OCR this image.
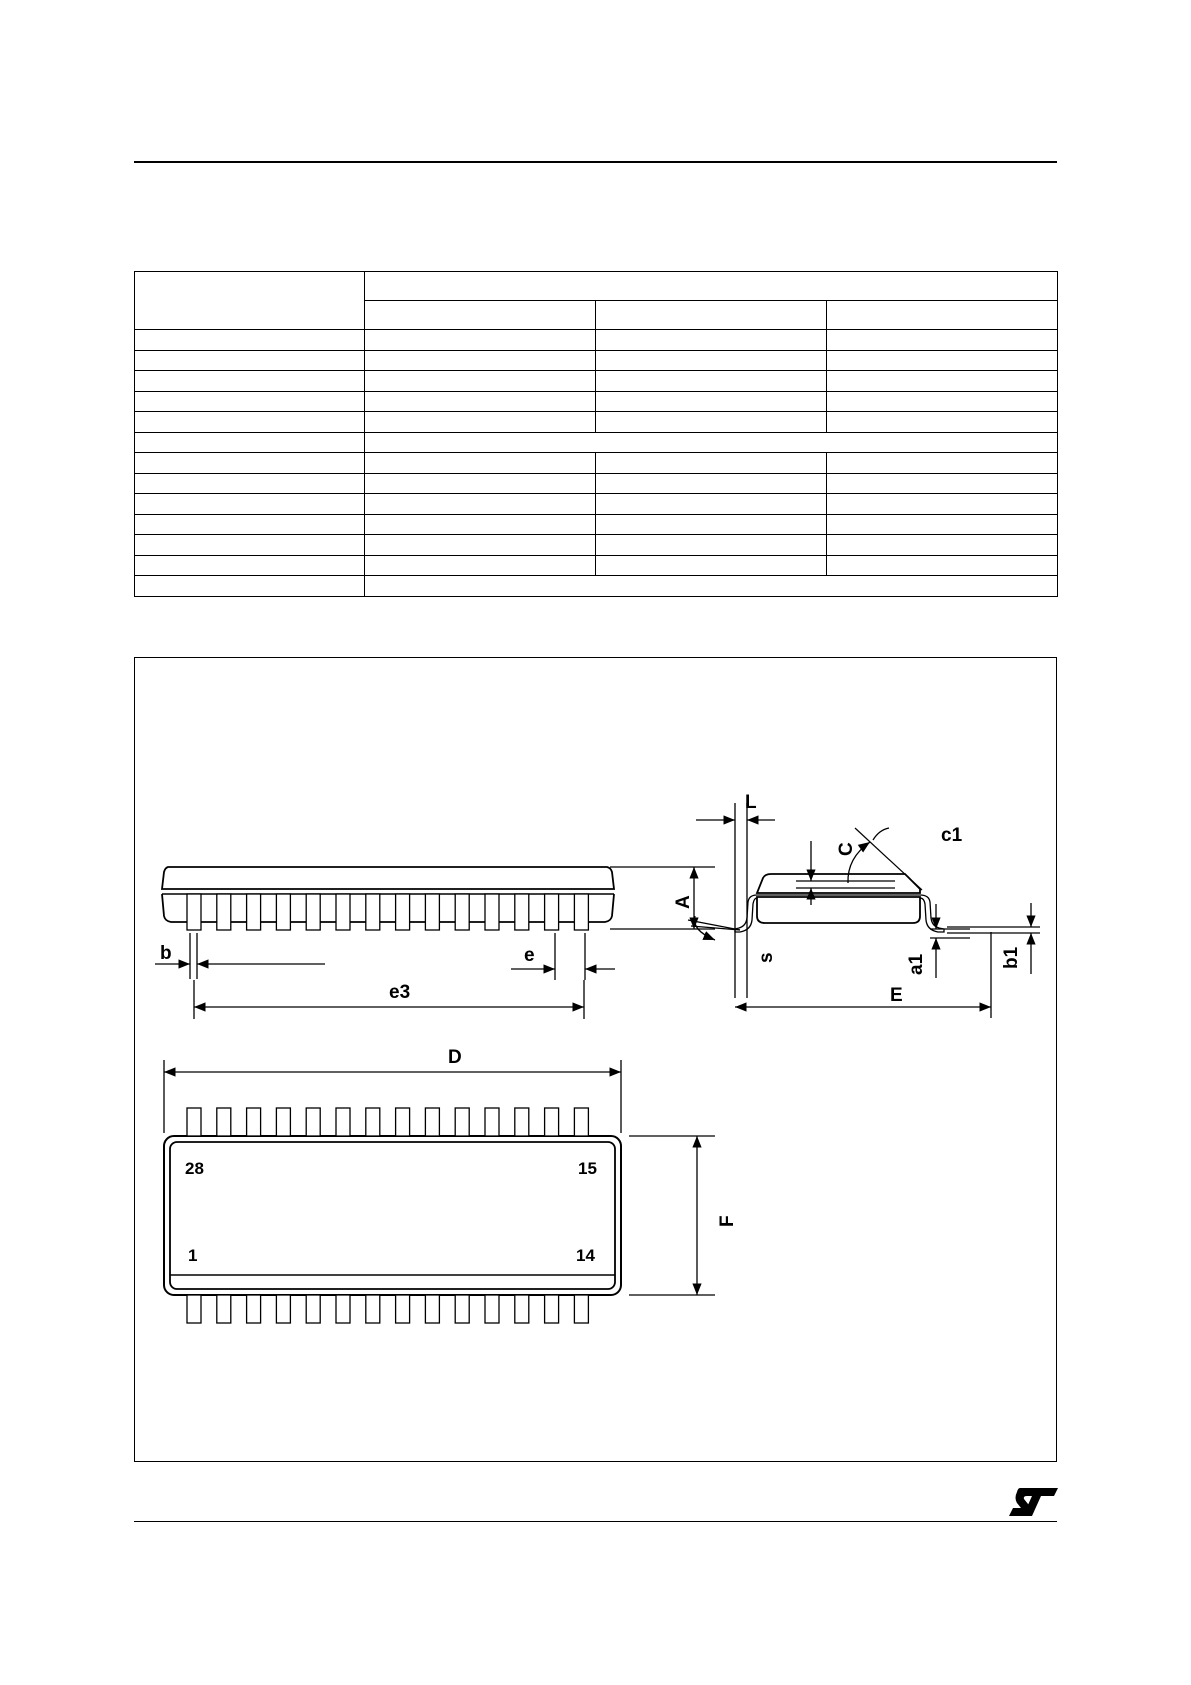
b	e
e3
A
L
C
c1
s	a1	b1
E
D
F
28	15
1	14
